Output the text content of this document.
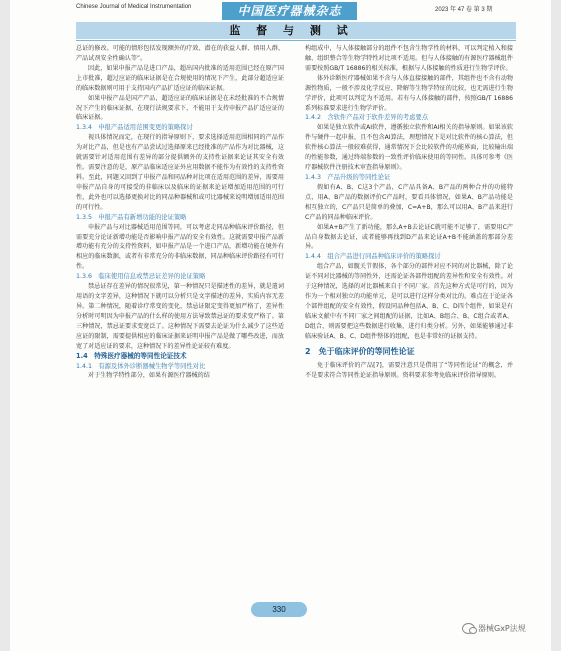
Chinese Journal of Medical Instrumentation	中国医疗器械杂志	2023 年 47 卷 第 3 期
监 督 与 测 试

总证的修改。可能的情形包括发现额外的疗效、潜在的获益人群、慎用人群、产品试剂安全性确认等”。

因此，如果申报产品是进口产品，超出国内批准的适用范围已经在原产国上市批准，超过应证的临床证据是在合规使用的情况下产生，此部分超适应证的临床数据则可用于支持国内产品扩适应证的临床证据。

如果申报产品是国产产品，超适应证的临床证据是在未经批准的不合规情况下产生的临床证据，在现行法规要求下，不能用于支持申报产品扩适应证的临床证据。

1.3.4　申报产品适用范围变更的策略探讨

视具体情况而定，在现行的指导原则下，要求选择适用范围相同的产品作为对比产品，但是也有产品尝试过选择原来已经批准的产品作为对比器械，这就需要针对适用范围有差异的部分提供额外的支持性证据来论证其安全有效性。需要注意的是，原产品临床适应证外应用数据不能作为有效性的支持性资料。至此，同题又回到了申报产品和同品种对比项在适用范围的差异，需要用申报产品自身的可接受的非临床以及临床的证据来论证增加适用范围的可行性，此外也可以选择更换对比的同品种器械和或可比器械来说明增加适用范围的可行性。

1.3.5　申报产品有新增功能的论证策略

申报产品与对比器械适用范围等同，可以考虑走同品种临床评价路径，但需要充分论证新增功能是否影响申报产品的安全有效性。这就需要申报产品新增功能有充分的支持性资料，如申报产品是一个进口产品，新增功能在境外有相应的临床数据，或者有非常充分的非临床数据，同品种临床评价路径有可行性。

1.3.6　临床使用信息或禁忌证差异的论证策略

禁忌证存在差异的情况很常见，第一种情况只是描述性的差异，就是遣词用语的文字差异，这种情况下就可以分析只是文字描述的差异，实质内容无差异。第二种情况，随着诊疗常变的变化，禁忌证限定变得更加严格了，差异性分析时可明因为申报产品的什么样的使用方法导致禁忌证的要求变严格了。第三种情况，禁忌证要求变宽泛了。这种情况下需要去论证为什么减少了这些适应证的限制，需要提供相应的临床证据来证明申报产品是做了哪些改进，而放宽了对适应证的要求，这种情况下的差异性论证较有难度。

1.4　特殊医疗器械的等同性论证技术

1.4.1　有源及体外诊断器械生物学等同性对比

对于生物学特性部分，如果有源医疗器械的结

构组成中，与人体接触部分的组件不包含生物学性的材料，可以判定植入和接触、组织整合等生物学特性对比项不适用。但与人体接触的有源医疗器械组件需要按照GB/T 16886的相关标准，根据与人体接触的性质进行生物学评价。

体外诊断医疗器械如果不含与人体直接接触的部件，其组件也不含有动物源性物质，一般不涉及化学反应、降解等生物学特征的比较，也无需进行生物学评价，此项可以判定为不适用。若有与人体接触的部件，按照GB/T 16886系列标准要求进行生物学评价。

1.4.2　含软件产品对于软件差异的考虑要点

如果是独立软件或AI软件，遵循独立软件和AI相关的指导原则。如果该软件与硬件一起申报，且不包含AI算法，理想情况下是对比软件的核心算法，但软件核心算法一般较难获得，通常情况下会比较软件的功能界面，比较输出端的性能参数，通过终端参数的一致性评价临床使用的等同性。具体可参考《医疗器械软件注册技术审查指导原则》。

1.4.3　产品升级的等同性论证

假如有A、B、C这3个产品，C产品具备A、B产品的两种合并的功能特点，用A、B产品的数据评价C产品时，要看具体情况，如果A、B产品功能是相互独立的，C产品只是简单的叠加，C=A+B，那么可以用A、B产品来进行C产品的同品种临床评价。

如果A+B产生了新功能，那么A+B去论证C就可能不足够了，需要用C产品自身数据去论证，或者能够再找到D产品来论证A+B不能涵盖的那部分差异。

1.4.4　组合产品进行同品种临床评价的策略探讨

组合产品，如髋关节假体，各个部分的部件对应不同的对比器械，除了论证不同对比器械的等同性外，还需论证各部件组配的差异性和安全有效性。对于这种情况，选择的对比器械来自于不同厂家。首先这种方式是可行的，因为作为一个相对独立的功能单元，是可以进行这样分类对比的。难点在于论证各个部件组配的安全有效性，假设同品种包括A、B、C、D四个组件，如果是有临床文献中有不同厂家之间组配的证据，比如A、B组合、B、C组合或者A、D组合，则需要把这些数据进行收集，进行归类分析。另外，如果能够通过非临床验证A、B、C、D组件整体的组配，也是非常好的证据支持。

2　免于临床评价的等同性论证

免于临床评价的产品[7]，需要注意只是借用了“等同性论证”的概念，并不是要求符合等同性论证指导原则。资料要求参考免临床评价指导原则。

330
器械GxP法规
